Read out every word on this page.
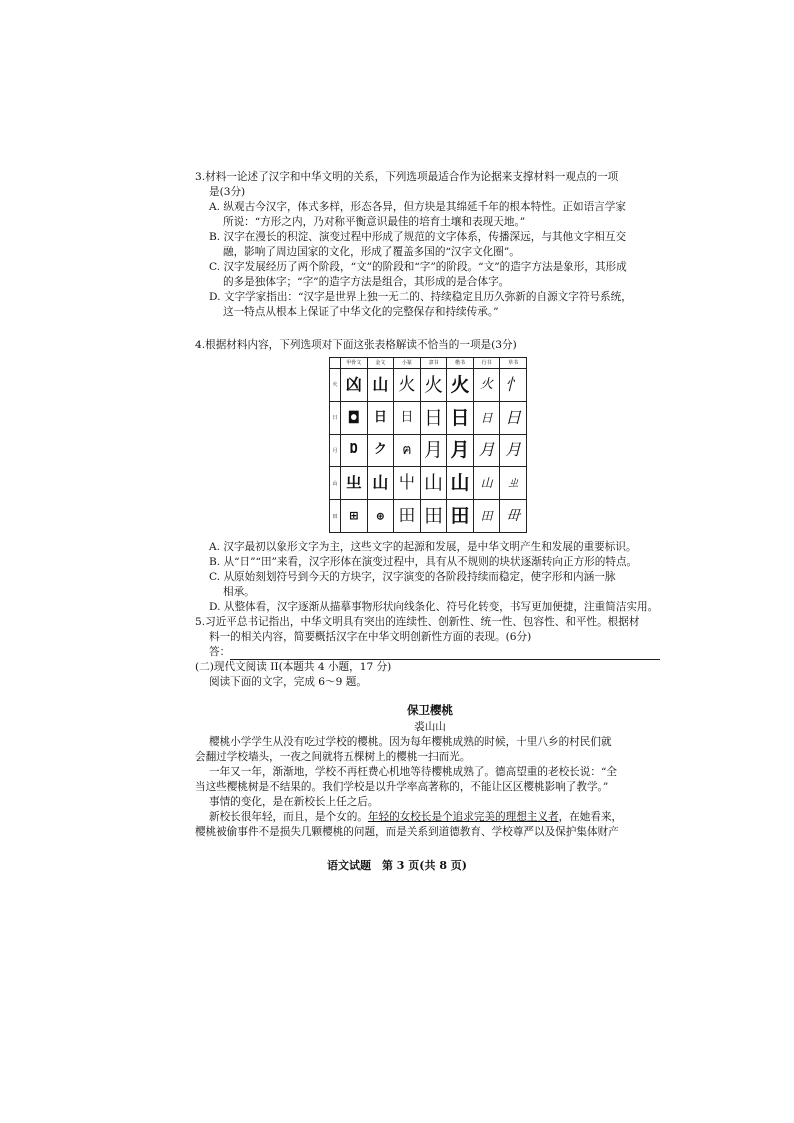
3.材料一论述了汉字和中华文明的关系，下列选项最适合作为论据来支撑材料一观点的一项

是(3分)

A. 纵观古今汉字，体式多样，形态各异，但方块是其绵延千年的根本特性。正如语言学家

所说：“方形之内，乃对称平衡意识最佳的培育土壤和表现天地。”

B. 汉字在漫长的积淀、演变过程中形成了规范的文字体系，传播深远，与其他文字相互交

融，影响了周边国家的文化，形成了覆盖多国的“汉字文化圈”。

C. 汉字发展经历了两个阶段，“文”的阶段和“字”的阶段。“文”的造字方法是象形，其形成

的多是独体字；“字”的造字方法是组合，其形成的是合体字。

D. 文字学家指出：“汉字是世界上独一无二的、持续稳定且历久弥新的自源文字符号系统，

这一特点从根本上保证了中华文化的完整保存和持续传承。”

4.根据材料内容，下列选项对下面这张表格解读不恰当的一项是(3分)

	甲骨文	金文	小篆	隶书	楷书	行书	草书
火	凶	山	火	火	火	火	忄
日	◘	日	日	日	日	日	日
月	Ɒ	ク	ฅ	月	月	月	月
山	㞢	山	屮	山	山	山	ㄓ
田	⊞	⊕	田	田	田	田	毌

A. 汉字最初以象形文字为主，这些文字的起源和发展，是中华文明产生和发展的重要标识。

B. 从“日”“田”来看，汉字形体在演变过程中，具有从不规则的块状逐渐转向正方形的特点。

C. 从原始刻划符号到今天的方块字，汉字演变的各阶段持续而稳定，使字形和内涵一脉

相承。

D. 从整体看，汉字逐渐从描摹事物形状向线条化、符号化转变，书写更加便捷，注重简洁实用。

5.习近平总书记指出，中华文明具有突出的连续性、创新性、统一性、包容性、和平性。根据材

料一的相关内容，简要概括汉字在中华文明创新性方面的表现。(6分)

答：

(二)现代文阅读 II(本题共 4 小题，17 分)

阅读下面的文字，完成 6～9 题。

保卫樱桃

裘山山

樱桃小学学生从没有吃过学校的樱桃。因为每年樱桃成熟的时候，十里八乡的村民们就

会翻过学校墙头，一夜之间就将五棵树上的樱桃一扫而光。

一年又一年，渐渐地，学校不再枉费心机地等待樱桃成熟了。德高望重的老校长说：“全

当这些樱桃树是不结果的。我们学校是以升学率高著称的，不能让区区樱桃影响了教学。”

事情的变化，是在新校长上任之后。

新校长很年轻，而且，是个女的。年轻的女校长是个追求完美的理想主义者，在她看来，

樱桃被偷事件不是损失几颗樱桃的问题，而是关系到道德教育、学校尊严以及保护集体财产

语文试题　第 3 页(共 8 页)
